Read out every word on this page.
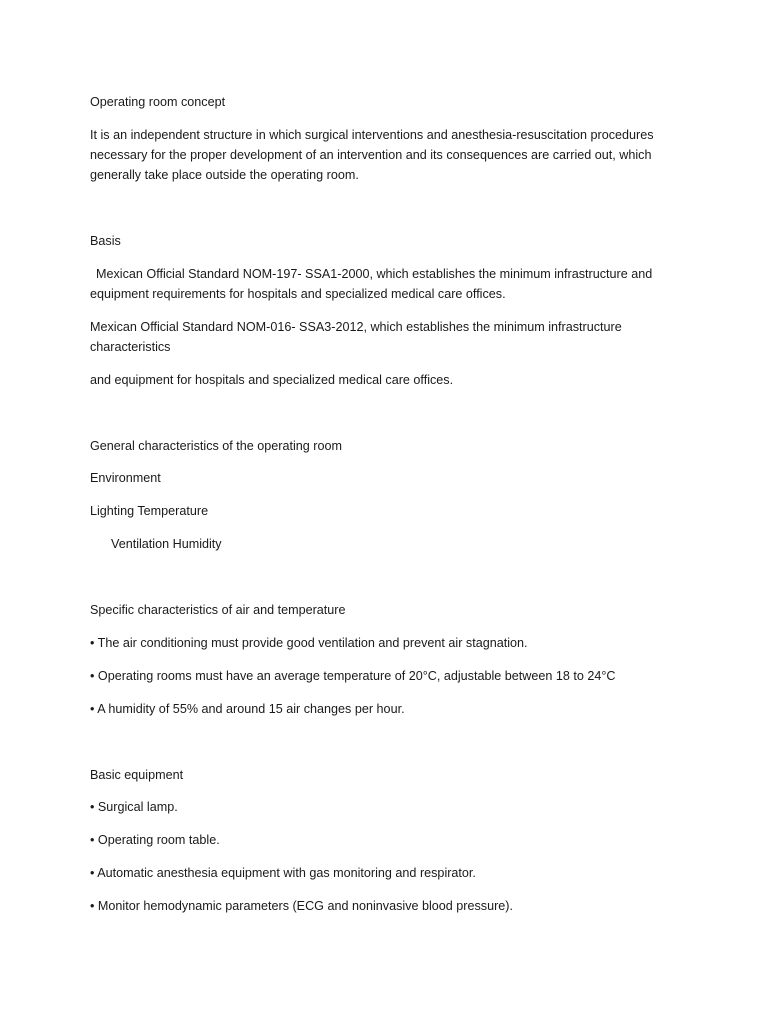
Operating room concept

It is an independent structure in which surgical interventions and anesthesia-resuscitation procedures necessary for the proper development of an intervention and its consequences are carried out, which generally take place outside the operating room.

Basis

Mexican Official Standard NOM-197- SSA1-2000, which establishes the minimum infrastructure and equipment requirements for hospitals and specialized medical care offices.

Mexican Official Standard NOM-016- SSA3-2012, which establishes the minimum infrastructure characteristics

and equipment for hospitals and specialized medical care offices.

General characteristics of the operating room

Environment

Lighting Temperature

Ventilation Humidity

Specific characteristics of air and temperature

• The air conditioning must provide good ventilation and prevent air stagnation.

• Operating rooms must have an average temperature of 20°C, adjustable between 18 to 24°C

• A humidity of 55% and around 15 air changes per hour.

Basic equipment

• Surgical lamp.

• Operating room table.

• Automatic anesthesia equipment with gas monitoring and respirator.

• Monitor hemodynamic parameters (ECG and noninvasive blood pressure).
